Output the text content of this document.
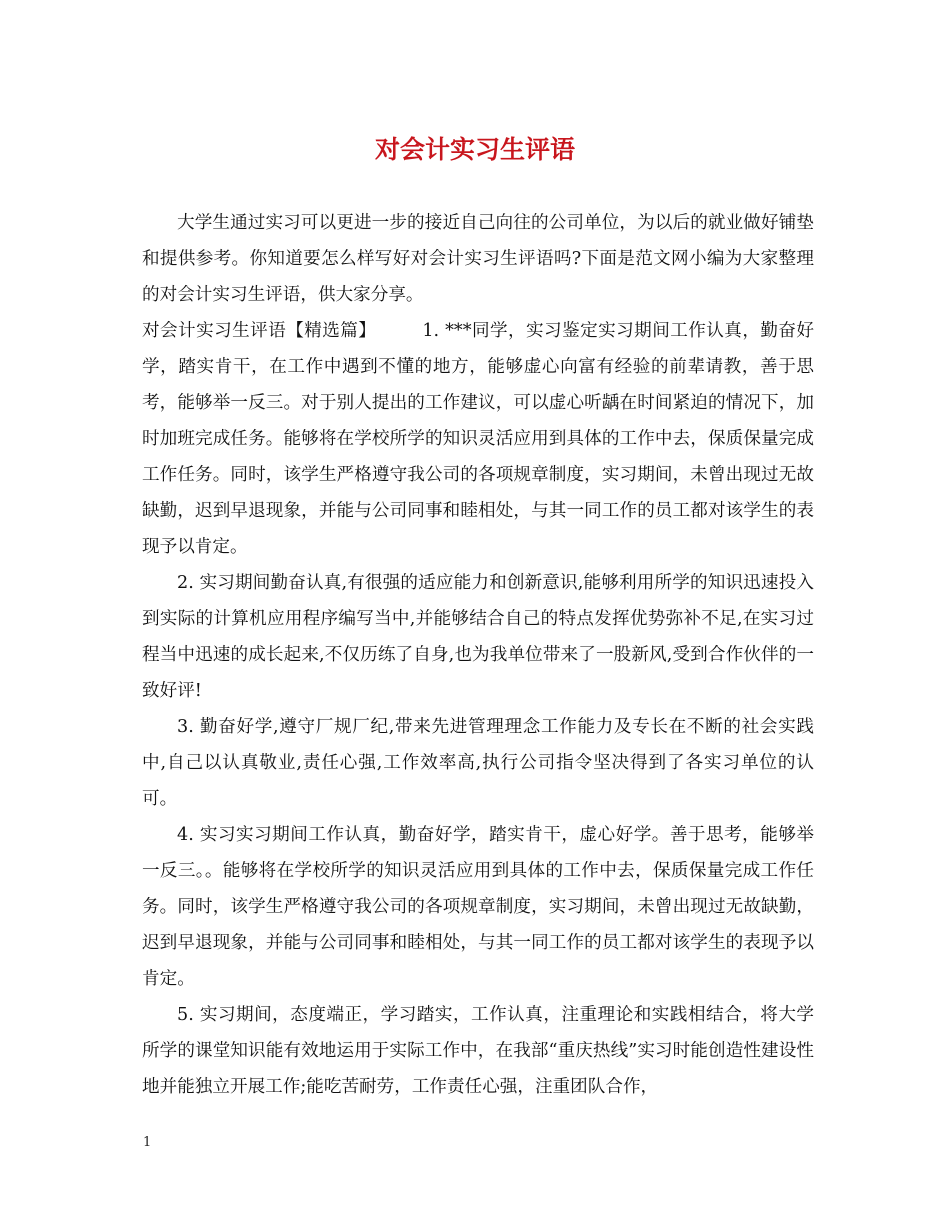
对会计实习生评语

大学生通过实习可以更进一步的接近自己向往的公司单位，为以后的就业做好铺垫和提供参考。你知道要怎么样写好对会计实习生评语吗?下面是范文网小编为大家整理的对会计实习生评语，供大家分享。

对会计实习生评语【精选篇】	1. ***同学，实习鉴定实习期间工作认真，勤奋好学，踏实肯干，在工作中遇到不懂的地方，能够虚心向富有经验的前辈请教，善于思考，能够举一反三。对于别人提出的工作建议，可以虚心听龋在时间紧迫的情况下，加时加班完成任务。能够将在学校所学的知识灵活应用到具体的工作中去，保质保量完成工作任务。同时，该学生严格遵守我公司的各项规章制度，实习期间，未曾出现过无故缺勤，迟到早退现象，并能与公司同事和睦相处，与其一同工作的员工都对该学生的表现予以肯定。

2. 实习期间勤奋认真,有很强的适应能力和创新意识,能够利用所学的知识迅速投入到实际的计算机应用程序编写当中,并能够结合自己的特点发挥优势弥补不足,在实习过程当中迅速的成长起来,不仅历练了自身,也为我单位带来了一股新风,受到合作伙伴的一致好评!

3. 勤奋好学,遵守厂规厂纪,带来先进管理理念工作能力及专长在不断的社会实践中,自己以认真敬业,责任心强,工作效率高,执行公司指令坚决得到了各实习单位的认可。

4. 实习实习期间工作认真，勤奋好学，踏实肯干，虚心好学。善于思考，能够举一反三。。能够将在学校所学的知识灵活应用到具体的工作中去，保质保量完成工作任务。同时，该学生严格遵守我公司的各项规章制度，实习期间，未曾出现过无故缺勤，迟到早退现象，并能与公司同事和睦相处，与其一同工作的员工都对该学生的表现予以肯定。

5. 实习期间，态度端正，学习踏实，工作认真，注重理论和实践相结合，将大学所学的课堂知识能有效地运用于实际工作中，在我部“重庆热线”实习时能创造性建设性地并能独立开展工作;能吃苦耐劳，工作责任心强，注重团队合作，

1
